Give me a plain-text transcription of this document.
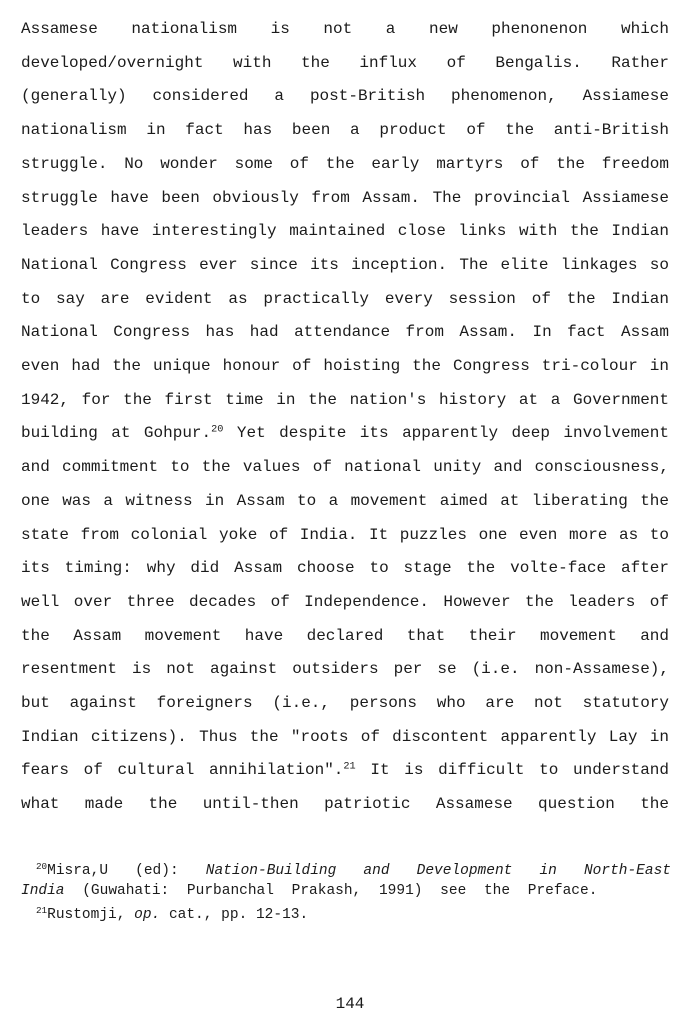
Assamese nationalism is not a new phenonenon which
developed/overnight with the influx of Bengalis. Rather
(generally) considered a post-British phenomenon, Assiamese
nationalism in fact has been a product of the anti-British
struggle. No wonder some of the early martyrs of the freedom
struggle have been obviously from Assam. The provincial Assiamese
leaders have interestingly maintained close links with the Indian
National Congress ever since its inception. The elite linkages so
to say are evident as practically every session of the Indian
National Congress has had attendance from Assam. In fact Assam
even had the unique honour of hoisting the Congress tri-colour in
1942, for the first time in the nation's history at a Government
building at Gohpur.$^{20}$ Yet despite its apparently deep involvement
and commitment to the values of national unity and consciousness,
one was a witness in Assam to a movement aimed at liberating the
state from colonial yoke of India. It puzzles one even more as to
its timing: why did Assam choose to stage the volte-face after
well over three decades of Independence. However the leaders of
the Assam movement have declared that their movement and
resentment is not against outsiders per se (i.e. non-Assamese),
but against foreigners (i.e., persons who are not statutory
Indian citizens). Thus the "roots of discontent apparently Lay in
fears of cultural annihilation".$^{21}$ It is difficult to understand
what made the until-then patriotic Assamese question the
$^{20}$Misra,U (ed): Nation-Building and Development in North-East
India (Guwahati: Purbanchal Prakash, 1991) see the Preface.
$^{21}$Rustomji, op. cat., pp. 12-13.
144
